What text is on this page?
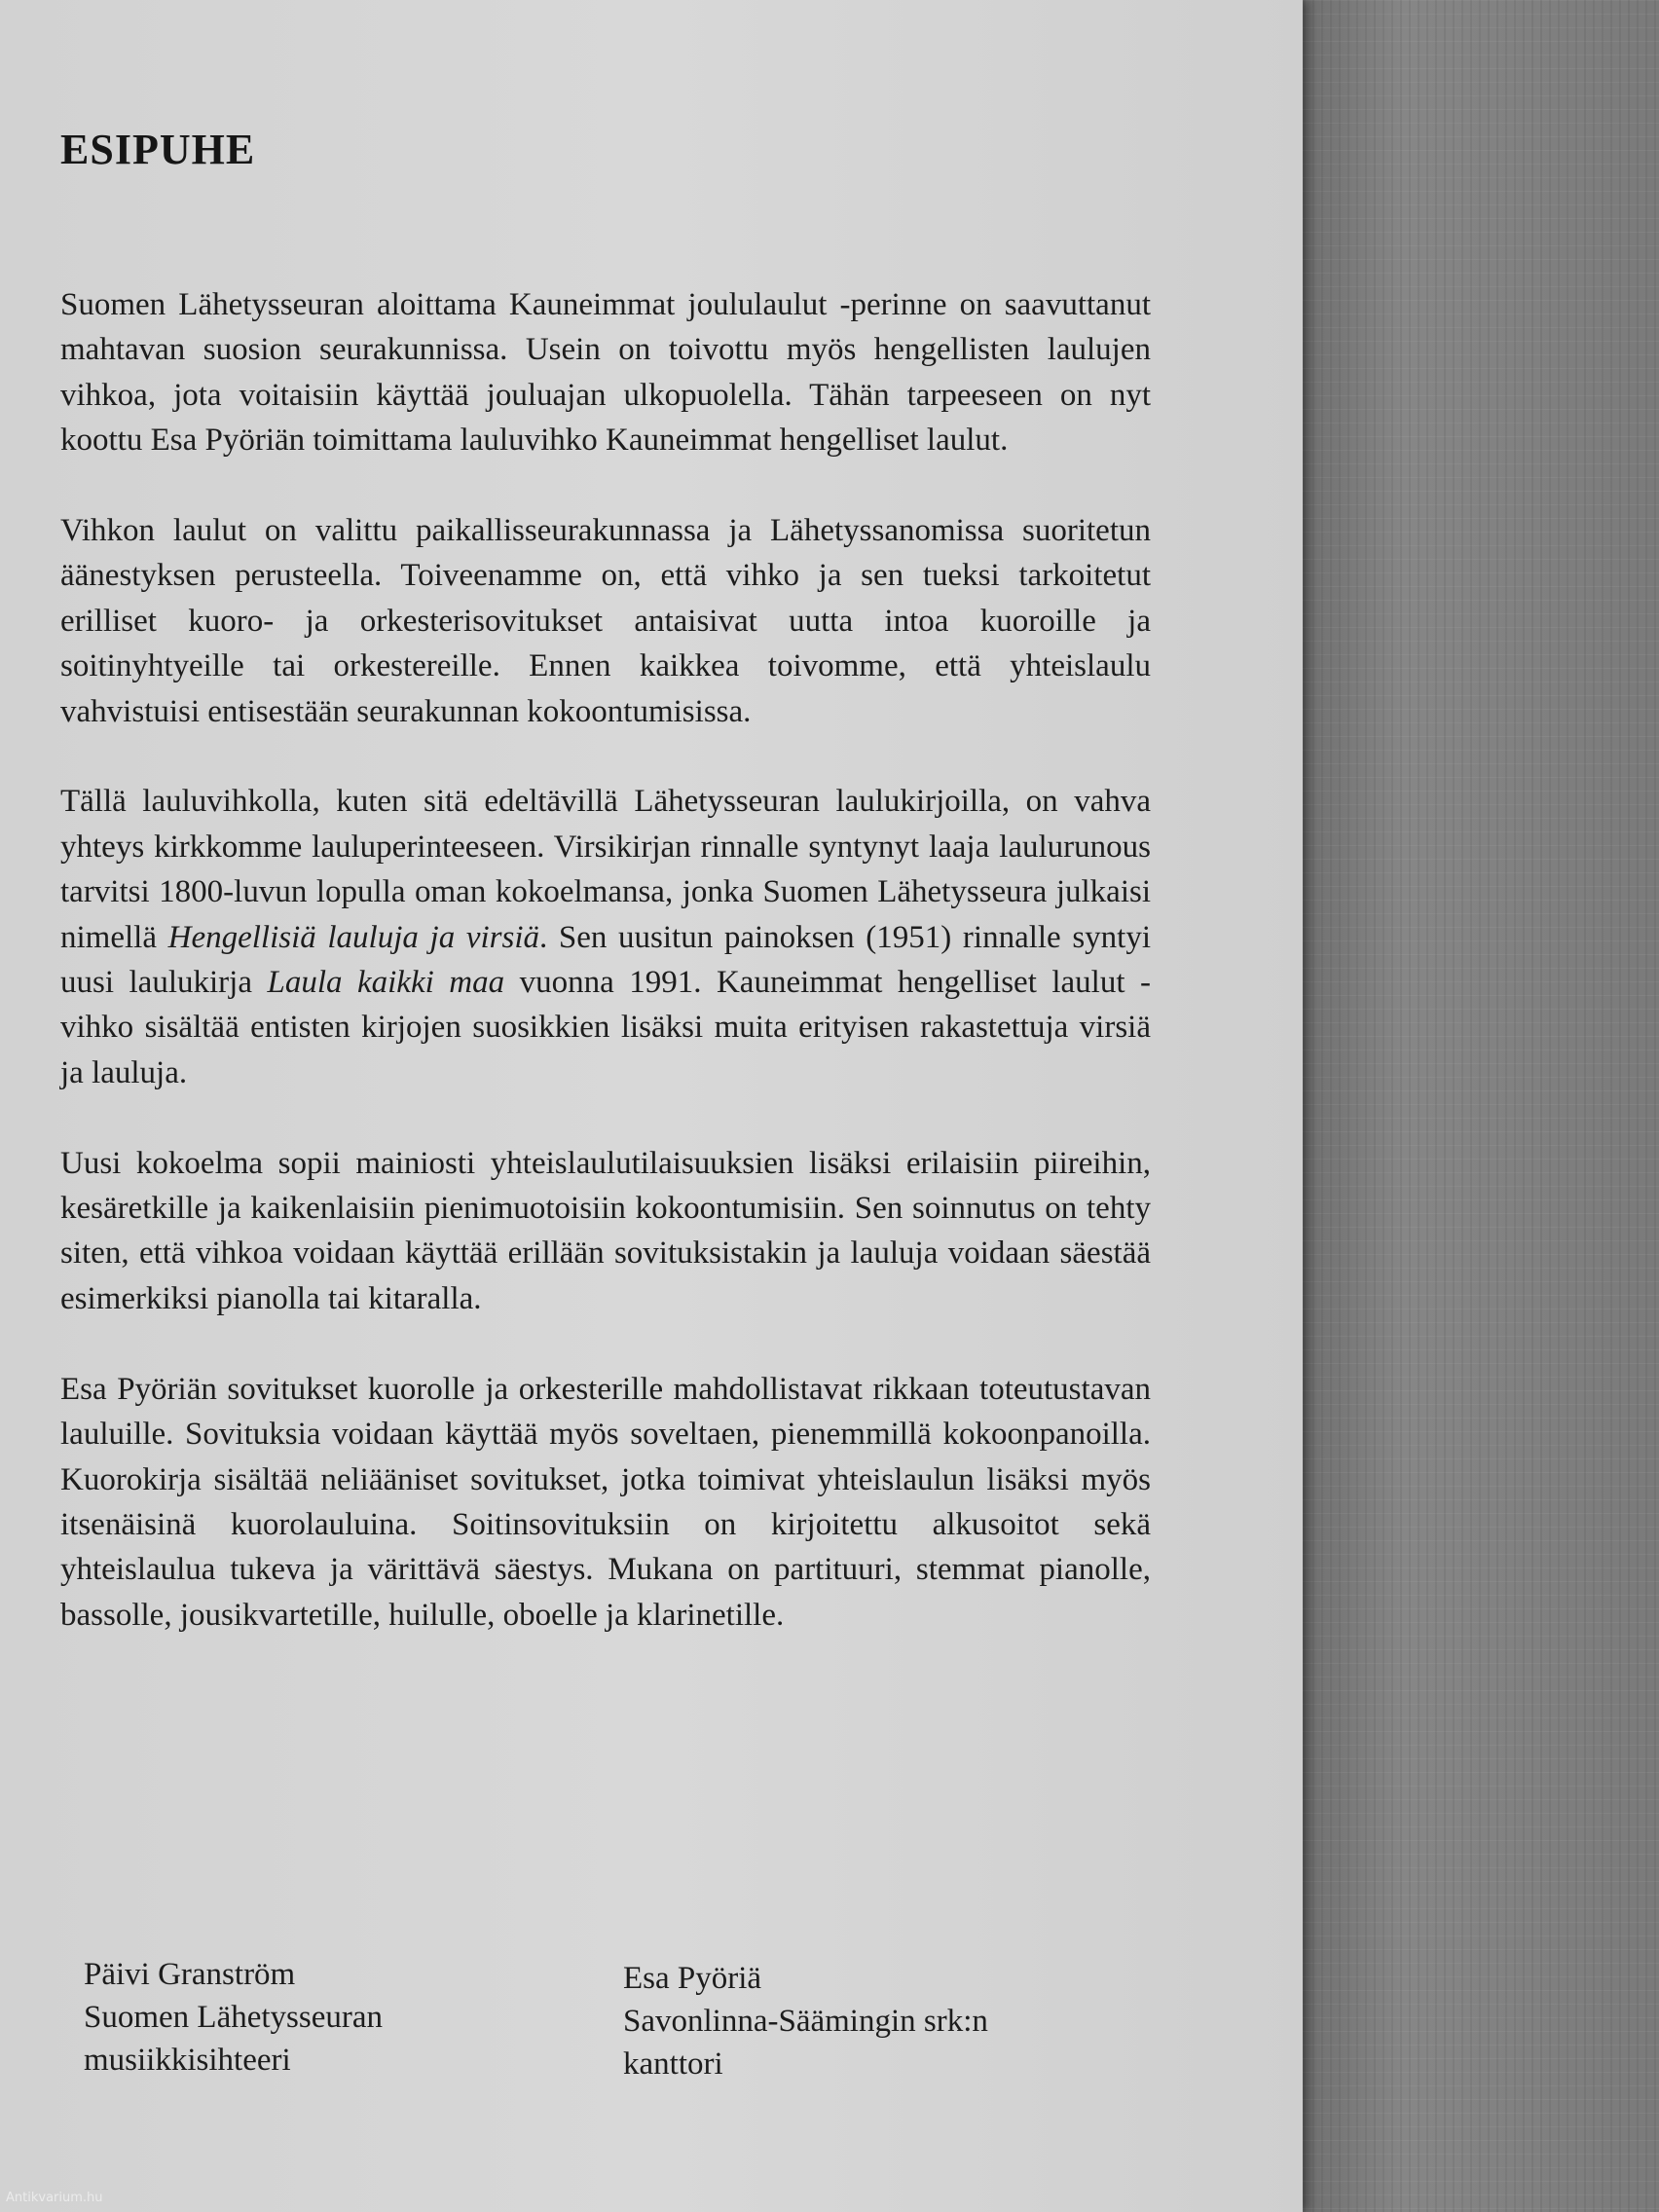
ESIPUHE

Suomen Lähetysseuran aloittama Kauneimmat joululaulut -perinne on saavuttanut mahtavan suosion seurakunnissa. Usein on toivottu myös hengellisten laulujen vihkoa, jota voitaisiin käyttää jouluajan ulkopuolella. Tähän tarpeeseen on nyt koottu Esa Pyöriän toimittama lauluvihko Kauneimmat hengelliset laulut.

Vihkon laulut on valittu paikallisseurakunnassa ja Lähetyssanomissa suoritetun äänestyksen perusteella. Toiveenamme on, että vihko ja sen tueksi tarkoitetut erilliset kuoro- ja orkesterisovitukset antaisivat uutta intoa kuoroille ja soitinyhtyeille tai orkestereille. Ennen kaikkea toivomme, että yhteislaulu vahvistuisi entisestään seurakunnan kokoontumisissa.

Tällä lauluvihkolla, kuten sitä edeltävillä Lähetysseuran laulukirjoilla, on vahva yhteys kirkkomme lauluperinteeseen. Virsikirjan rinnalle syntynyt laaja laulurunous tarvitsi 1800-luvun lopulla oman kokoelmansa, jonka Suomen Lähetysseura julkaisi nimellä Hengellisiä lauluja ja virsiä. Sen uusitun painoksen (1951) rinnalle syntyi uusi laulukirja Laula kaikki maa vuonna 1991. Kauneimmat hengelliset laulut -vihko sisältää entisten kirjojen suosikkien lisäksi muita erityisen rakastettuja virsiä ja lauluja.

Uusi kokoelma sopii mainiosti yhteislaulutilaisuuksien lisäksi erilaisiin piireihin, kesäretkille ja kaikenlaisiin pienimuotoisiin kokoontumisiin. Sen soinnutus on tehty siten, että vihkoa voidaan käyttää erillään sovituksistakin ja lauluja voidaan säestää esimerkiksi pianolla tai kitaralla.

Esa Pyöriän sovitukset kuorolle ja orkesterille mahdollistavat rikkaan toteutustavan lauluille. Sovituksia voidaan käyttää myös soveltaen, pienemmillä kokoonpanoilla. Kuorokirja sisältää neliääniset sovitukset, jotka toimivat yhteislaulun lisäksi myös itsenäisinä kuorolauluina. Soitinsovituksiin on kirjoitettu alkusoitot sekä yhteislaulua tukeva ja värittävä säestys. Mukana on partituuri, stemmat pianolle, bassolle, jousikvartetille, huilulle, oboelle ja klarinetille.

Päivi Granström
Suomen Lähetysseuran
musiikkisihteeri
Esa Pyöriä
Savonlinna-Säämingin srk:n
kanttori
Antikvarium.hu
